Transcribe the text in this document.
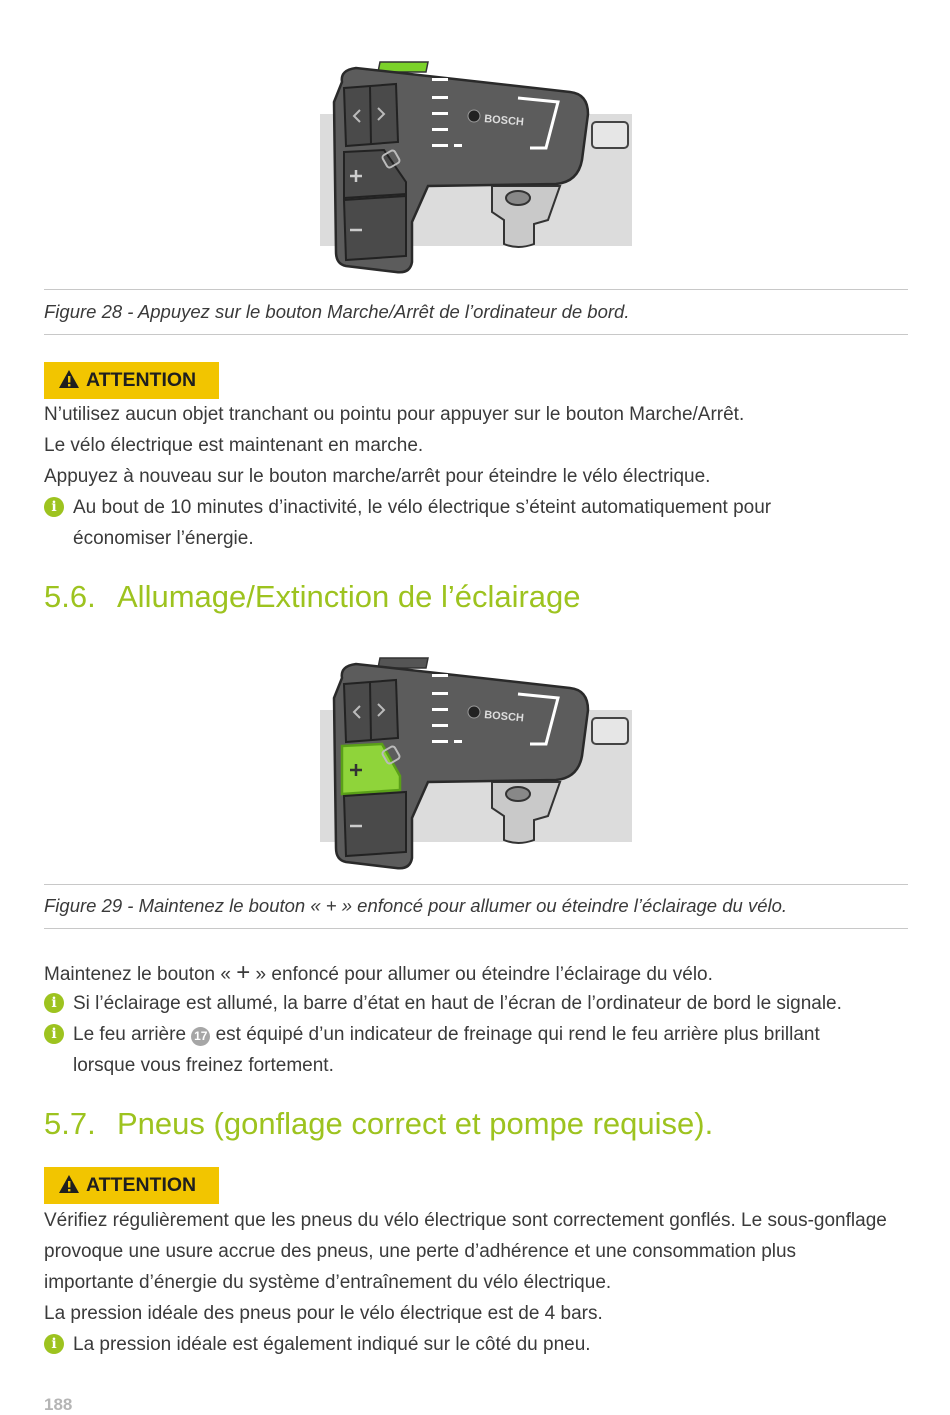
BOSCH
Figure 28 - Appuyez sur le bouton Marche/Arrêt de l’ordinateur de bord.
ATTENTION
N’utilisez aucun objet tranchant ou pointu pour appuyer sur le bouton Marche/Arrêt.
Le vélo électrique est maintenant en marche.
Appuyez à nouveau sur le bouton marche/arrêt pour éteindre le vélo électrique.
i Au bout de 10 minutes d’inactivité, le vélo électrique s’éteint automatiquement pour économiser l’énergie.
5.6. Allumage/Extinction de l’éclairage
BOSCH
Figure 29 - Maintenez le bouton « + » enfoncé pour allumer ou éteindre l’éclairage du vélo.
Maintenez le bouton « + » enfoncé pour allumer ou éteindre l’éclairage du vélo.
i Si l’éclairage est allumé, la barre d’état en haut de l’écran de l’ordinateur de bord le signale.
i Le feu arrière 17 est équipé d’un indicateur de freinage qui rend le feu arrière plus brillant lorsque vous freinez fortement.
5.7. Pneus (gonflage correct et pompe requise).
ATTENTION
Vérifiez régulièrement que les pneus du vélo électrique sont correctement gonflés. Le sous-gonflage provoque une usure accrue des pneus, une perte d’adhérence et une consommation plus importante d’énergie du système d’entraînement du vélo électrique.
La pression idéale des pneus pour le vélo électrique est de 4 bars.
i La pression idéale est également indiqué sur le côté du pneu.
188
